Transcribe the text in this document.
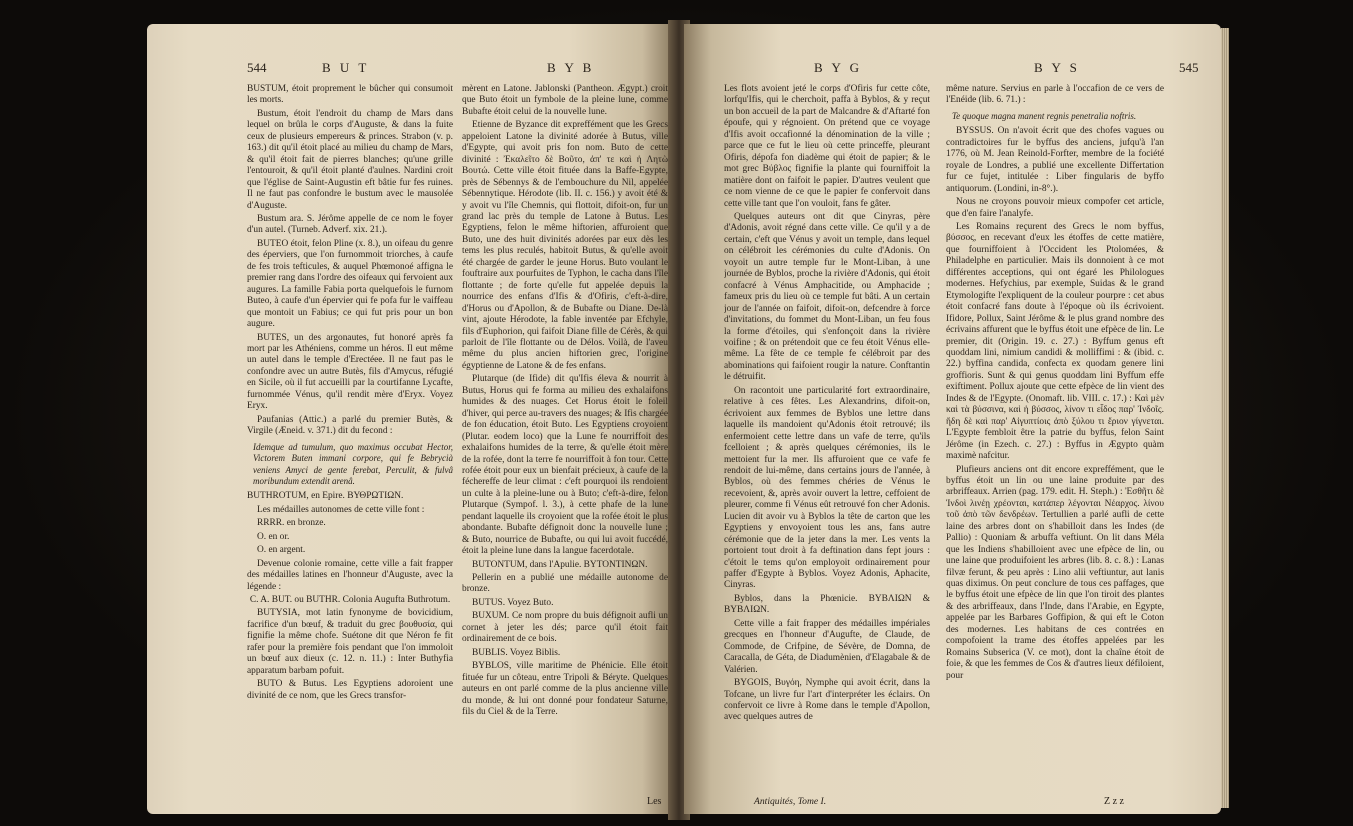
544	B U T	B Y B

BUSTUM, étoit proprement le bûcher qui consumoit les morts.

Bustum, étoit l'endroit du champ de Mars dans lequel on brûla le corps d'Auguste, & dans la fuite ceux de plusieurs empereurs & princes. Strabon (v. p. 163.) dit qu'il étoit placé au milieu du champ de Mars, & qu'il étoit fait de pierres blanches; qu'une grille l'entouroit, & qu'il étoit planté d'aulnes. Nardini croit que l'église de Saint-Augustin eft bâtie fur fes ruines. Il ne faut pas confondre le bustum avec le mausolée d'Auguste.

Bustum ara. S. Jérôme appelle de ce nom le foyer d'un autel. (Turneb. Adverf. xix. 21.).

BUTEO étoit, felon Pline (x. 8.), un oifeau du genre des éperviers, que l'on furnommoit triorches, à caufe de fes trois tefticules, & auquel Phœmonoé affigna le premier rang dans l'ordre des oifeaux qui fervoient aux augures. La famille Fabia porta quelquefois le furnom Buteo, à caufe d'un épervier qui fe pofa fur le vaiffeau que montoit un Fabius; ce qui fut pris pour un bon augure.

BUTES, un des argonautes, fut honoré après fa mort par les Athéniens, comme un héros. Il eut même un autel dans le temple d'Erectéee. Il ne faut pas le confondre avec un autre Butès, fils d'Amycus, réfugié en Sicile, où il fut accueilli par la courtifanne Lycafte, furnommée Vénus, qu'il rendit mère d'Eryx. Voyez Eryx.

Paufanias (Attic.) a parlé du premier Butès, & Virgile (Æneid. v. 371.) dit du fecond :

Idemque ad tumulum, quo maximus occubat Hector, Victorem Buten immani corpore, qui fe Bebrycià veniens Amyci de gente ferebat, Perculit, & fulvâ moribundum extendit arenâ.

BUTHROTUM, en Epire. ΒΥΘΡΩΤΙΩΝ.

Les médailles autonomes de cette ville font :

RRRR. en bronze.

O. en or.

O. en argent.

Devenue colonie romaine, cette ville a fait frapper des médailles latines en l'honneur d'Auguste, avec la légende :

C. A. BUT. ou BUTHR. Colonia Augufta Buthrotum.

BUTYSIA, mot latin fynonyme de bovicidium, facrifice d'un bœuf, & traduit du grec βουθυσία, qui fignifie la même chofe. Suétone dit que Néron fe fit rafer pour la première fois pendant que l'on immoloit un bœuf aux dieux (c. 12. n. 11.) : Inter Buthyfia apparatum barbam pofuit.

BUTO & Butus. Les Egyptiens adoroient une divinité de ce nom, que les Grecs transfor-

mèrent en Latone. Jablonski (Pantheon. Ægypt.) croit que Buto étoit un fymbole de la pleine lune, comme Bubafte étoit celui de la nouvelle lune.

Etienne de Byzance dit expreffément que les Grecs appeloient Latone la divinité adorée à Butus, ville d'Egypte, qui avoit pris fon nom. Buto de cette divinité : Ἐκαλεῖτο δὲ Βοῦτο, ἀπ' τε καὶ ἡ Λητὼ Βουτώ. Cette ville étoit fituée dans la Baffe-Egypte, près de Sébennys & de l'embouchure du Nil, appelée Sébennytique. Hérodote (lib. II. c. 156.) y avoit été & y avoit vu l'île Chemnis, qui flottoit, difoit-on, fur un grand lac près du temple de Latone à Butus. Les Egyptiens, felon le même hiftorien, affuroient que Buto, une des huit divinités adorées par eux dès les tems les plus reculés, habitoit Butus, & qu'elle avoit été chargée de garder le jeune Horus. Buto voulant le fouftraire aux pourfuites de Typhon, le cacha dans l'île flottante ; de forte qu'elle fut appelée depuis la nourrice des enfans d'Ifis & d'Ofiris, c'eft-à-dire, d'Horus ou d'Apollon, & de Bubafte ou Diane. De-là vint, ajoute Hérodote, la fable inventée par Efchyle, fils d'Euphorion, qui faifoit Diane fille de Cérès, & qui parloit de l'île flottante ou de Délos. Voilà, de l'aveu même du plus ancien hiftorien grec, l'origine égyptienne de Latone & de fes enfans.

Plutarque (de Ifide) dit qu'Ifis éleva & nourrit à Butus, Horus qui fe forma au milieu des exhalaifons humides & des nuages. Cet Horus étoit le foleil d'hiver, qui perce au-travers des nuages; & Ifis chargée de fon éducation, étoit Buto. Les Egyptiens croyoient (Plutar. eodem loco) que la Lune fe nourriffoit des exhalaifons humides de la terre, & qu'elle étoit mère de la rofée, dont la terre fe nourriffoit à fon tour. Cette rofée étoit pour eux un bienfait précieux, à caufe de la féchereffe de leur climat : c'eft pourquoi ils rendoient un culte à la pleine-lune ou à Buto; c'eft-à-dire, felon Plutarque (Sympof. l. 3.), à cette phafe de la lune pendant laquelle ils croyoient que la rofée étoit le plus abondante. Bubafte défignoit donc la nouvelle lune ; & Buto, nourrice de Bubafte, ou qui lui avoit fuccédé, étoit la pleine lune dans la langue facerdotale.

BUTONTUM, dans l'Apulie. ΒΥΤΟΝΤΙΝΩΝ.

Pellerin en a publié une médaille autonome de bronze.

BUTUS. Voyez Buto.

BUXUM. Ce nom propre du buis défignoit aufli un cornet à jeter les dés; parce qu'il étoit fait ordinairement de ce bois.

BUBLIS. Voyez Biblis.

BYBLOS, ville maritime de Phénicie. Elle étoit fituée fur un côteau, entre Tripoli & Béryte. Quelques auteurs en ont parlé comme de la plus ancienne ville du monde, & lui ont donné pour fondateur Saturne, fils du Ciel & de la Terre.

Les
B Y G	B Y S	545

Les flots avoient jeté le corps d'Ofiris fur cette côte, lorfqu'Ifis, qui le cherchoit, paffa à Byblos, & y reçut un bon accueil de la part de Malcandre & d'Aftarté fon époufe, qui y régnoient. On prétend que ce voyage d'Ifis avoit occafionné la dénomination de la ville ; parce que ce fut le lieu où cette princeffe, pleurant Ofiris, dépofa fon diadème qui étoit de papier; & le mot grec Βύβλος fignifie la plante qui fourniffoit la matière dont on faifoit le papier. D'autres veulent que ce nom vienne de ce que le papier fe confervoit dans cette ville tant que l'on vouloit, fans fe gâter.

Quelques auteurs ont dit que Cinyras, père d'Adonis, avoit régné dans cette ville. Ce qu'il y a de certain, c'eft que Vénus y avoit un temple, dans lequel on célébroit les cérémonies du culte d'Adonis. On voyoit un autre temple fur le Mont-Liban, à une journée de Byblos, proche la rivière d'Adonis, qui étoit confacré à Vénus Amphacitide, ou Amphacide ; fameux pris du lieu où ce temple fut bâti. A un certain jour de l'année on faifoit, difoit-on, defcendre à force d'invitations, du fommet du Mont-Liban, un feu fous la forme d'étoiles, qui s'enfonçoit dans la rivière voifine ; & on prétendoit que ce feu étoit Vénus elle-même. La fête de ce temple fe célébroit par des abominations qui faifoient rougir la nature. Conftantin le détruifit.

On racontoit une particularité fort extraordinaire, relative à ces fêtes. Les Alexandrins, difoit-on, écrivoient aux femmes de Byblos une lettre dans laquelle ils mandoient qu'Adonis étoit retrouvé; ils enfermoient cette lettre dans un vafe de terre, qu'ils fcelloient ; & après quelques cérémonies, ils le mettoient fur la mer. Ils affuroient que ce vafe fe rendoit de lui-même, dans certains jours de l'année, à Byblos, où des femmes chéries de Vénus le recevoient, &, après avoir ouvert la lettre, ceffoient de pleurer, comme fi Vénus eût retrouvé fon cher Adonis. Lucien dit avoir vu à Byblos la tête de carton que les Egyptiens y envoyoient tous les ans, fans autre cérémonie que de la jeter dans la mer. Les vents la portoient tout droit à fa deftination dans fept jours : c'étoit le tems qu'on employoit ordinairement pour paffer d'Egypte à Byblos. Voyez Adonis, Aphacite, Cinyras.

Byblos, dans la Phœnicie. ΒΥΒΛΙΩΝ & ΒΥΒΛΙΩΝ.

Cette ville a fait frapper des médailles impériales grecques en l'honneur d'Augufte, de Claude, de Commode, de Crifpine, de Sévère, de Domna, de Caracalla, de Géta, de Diadumènien, d'Elagabale & de Valérien.

BYGOIS, Βυγόη, Nymphe qui avoit écrit, dans la Tofcane, un livre fur l'art d'interpréter les éclairs. On confervoit ce livre à Rome dans le temple d'Apollon, avec quelques autres de

même nature. Servius en parle à l'occafion de ce vers de l'Enéide (lib. 6. 71.) :

Te quoque magna manent regnis penetralia noftris.

BYSSUS. On n'avoit écrit que des chofes vagues ou contradictoires fur le byffus des anciens, jufqu'à l'an 1776, où M. Jean Reinold-Forfter, membre de la fociété royale de Londres, a publié une excellente Differtation fur ce fujet, intitulée : Liber fingularis de byffo antiquorum. (Londini, in-8°.).

Nous ne croyons pouvoir mieux compofer cet article, que d'en faire l'analyfe.

Les Romains reçurent des Grecs le nom byffus, βύσσος, en recevant d'eux les étoffes de cette matière, que fourniffoient à l'Occident les Ptolomées, & Philadelphe en particulier. Mais ils donnoient à ce mot différentes acceptions, qui ont égaré les Philologues modernes. Hefychius, par exemple, Suidas & le grand Etymologifte l'expliquent de la couleur pourpre : cet abus étoit confacré fans doute à l'époque où ils écrivoient. Ifidore, Pollux, Saint Jérôme & le plus grand nombre des écrivains affurent que le byffus étoit une efpèce de lin. Le premier, dit (Origin. 19. c. 27.) : Byffum genus eft quoddam lini, nimium candidi & molliffimi : & (ibid. c. 22.) byffina candida, confecta ex quodam genere lini groffioris. Sunt & qui genus quoddam lini Byffum effe exiftiment. Pollux ajoute que cette efpèce de lin vient des Indes & de l'Egypte. (Onomaft. lib. VIII. c. 17.) : Καὶ μὲν καὶ τὰ βύσσινα, καὶ ἡ βύσσος, λίνον τι εἶδος παρ' Ἰνδοῖς. ἤδη δὲ καὶ παρ' Αἰγυπτίοις ἀπὸ ξύλου τι ἔριον γίγνεται. L'Egypte fembloit être la patrie du byffus, felon Saint Jérôme (in Ezech. c. 27.) : Byffus in Ægypto quàm maximè nafcitur.

Plufieurs anciens ont dit encore expreffément, que le byffus étoit un lin ou une laine produite par des arbriffeaux. Arrien (pag. 179. edit. H. Steph.) : Ἐσθῆτι δὲ Ἰνδοὶ λινέῃ χρέονται, κατάπερ λέγονται Νέαρχος. λίνου τοῦ ἀπὸ τῶν δενδρέων. Tertullien a parlé aufli de cette laine des arbres dont on s'habilloit dans les Indes (de Pallio) : Quoniam & arbuffa veftiunt. On lit dans Méla que les Indiens s'habilloient avec une efpèce de lin, ou une laine que produifoient les arbres (lib. 8. c. 8.) : Lanas filvæ ferunt, & peu après : Lino alii veftiuntur, aut lanis quas diximus. On peut conclure de tous ces paffages, que le byffus étoit une efpèce de lin que l'on tiroit des plantes & des arbriffeaux, dans l'Inde, dans l'Arabie, en Egypte, appelée par les Barbares Goffipion, & qui eft le Coton des modernes. Les habitans de ces contrées en compofoient la trame des étoffes appelées par les Romains Subserica (V. ce mot), dont la chaîne étoit de foie, & que les femmes de Cos & d'autres lieux défiloient, pour

Antiquités, Tome I.	Z z z
